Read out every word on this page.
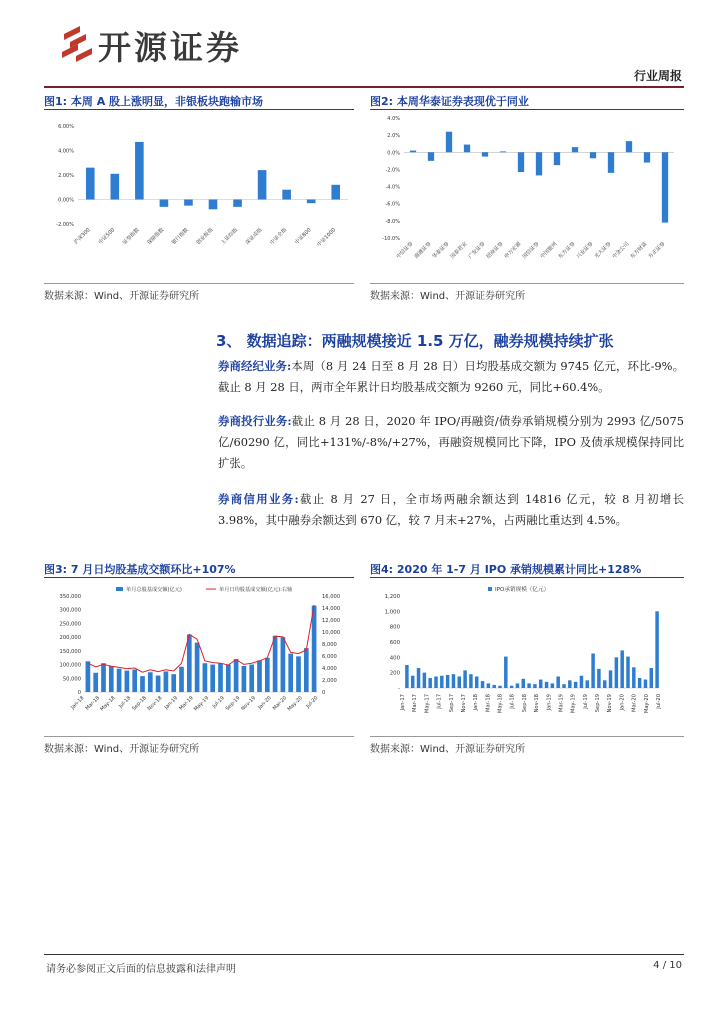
开源证券
行业周报
图1: 本周 A 股上涨明显，非银板块跑输市场
-2.00%
0.00%
2.00%
4.00%
6.00%
沪深300 中证500 证券指数 保险指数 银行指数 创业板指 上证综指 深证成指 中证全指 中证800 中证1000
数据来源：Wind、开源证券研究所
图2: 本周华泰证券表现优于同业
-10.0%
-8.0%
-6.0%
-4.0%
-2.0%
0.0%
2.0%
4.0%
中信证券 海通证券 华泰证券 国泰君安 广发证券 招商证券 申万宏源 国信证券 中国银河 东方证券 兴业证券 光大证券 中金公司 东方财富 方正证券
数据来源：Wind、开源证券研究所
3、 数据追踪：两融规模接近 1.5 万亿，融券规模持续扩张
券商经纪业务:本周（8 月 24 日至 8 月 28 日）日均股基成交额为 9745 亿元，环比-9%。截止 8 月 28 日，两市全年累计日均股基成交额为 9260 元，同比+60.4%。
券商投行业务:截止 8 月 28 日，2020 年 IPO/再融资/债券承销规模分别为 2993 亿/5075 亿/60290 亿，同比+131%/-8%/+27%，再融资规模同比下降，IPO 及债承规模保持同比扩张。
券商信用业务:截止 8 月 27 日，全市场两融余额达到 14816 亿元，较 8 月初增长 3.98%，其中融券余额达到 670 亿，较 7 月末+27%，占两融比重达到 4.5%。
图3: 7 月日均股基成交额环比+107%
0
50,000
100,000
150,000
200,000
250,000
300,000
350,000
0
2,000
4,000
6,000
8,000
10,000
12,000
14,000
16,000
Jan-18 Mar-18
May-18 Jul-18
Sep-18
Nov-18 Jan-19 Mar-19
May-19 Jul-19
Sep-19
Nov-19 Jan-20 Mar-20
May-20 Jul-20
单月总股基成交额(亿元)	单月日均股基成交额(亿元):右轴
数据来源：Wind、开源证券研究所
图4: 2020 年 1-7 月 IPO 承销规模累计同比+128%
-
200
400
600
800
1,000
1,200
Jan-17 Mar-17 May-17 Jul-17 Sep-17 Nov-17 Jan-18 Mar-18 May-18 Jul-18 Sep-18 Nov-18 Jan-19 Mar-19 May-19 Jul-19 Sep-19 Nov-19 Jan-20 Mar-20 May-20 Jul-20
IPO承销规模（亿元）
数据来源：Wind、开源证券研究所
请务必参阅正文后面的信息披露和法律声明	4 / 10
